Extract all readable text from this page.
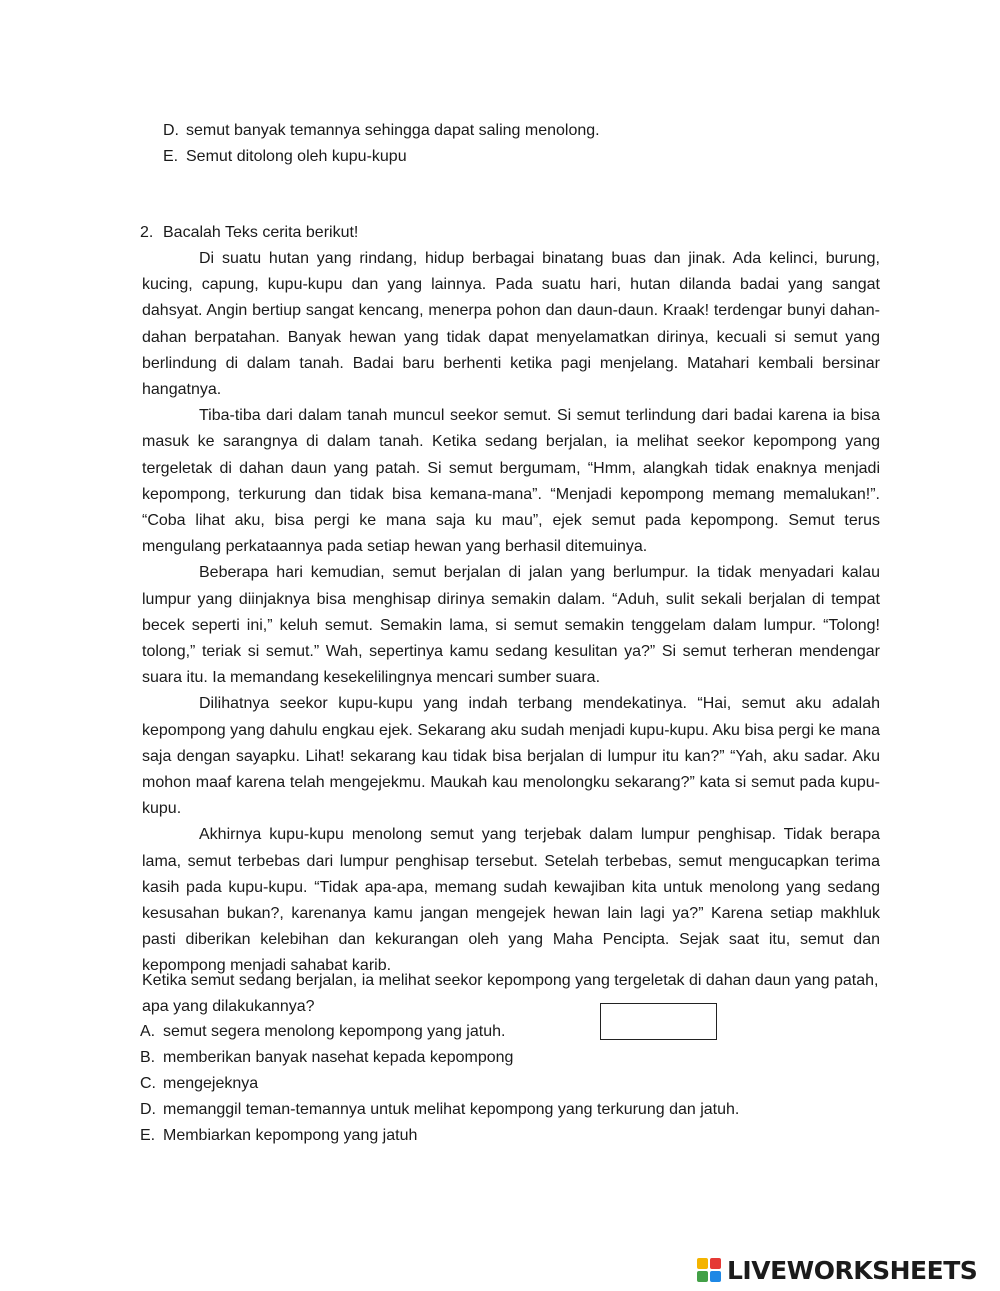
D. semut banyak temannya sehingga dapat saling menolong.
E. Semut ditolong oleh kupu-kupu
2. Bacalah Teks cerita berikut!

Di suatu hutan yang rindang, hidup berbagai binatang buas dan jinak. Ada kelinci, burung, kucing, capung, kupu-kupu dan yang lainnya. Pada suatu hari, hutan dilanda badai yang sangat dahsyat. Angin bertiup sangat kencang, menerpa pohon dan daun-daun. Kraak! terdengar bunyi dahan-dahan berpatahan. Banyak hewan yang tidak dapat menyelamatkan dirinya, kecuali si semut yang berlindung di dalam tanah. Badai baru berhenti ketika pagi menjelang. Matahari kembali bersinar hangatnya.

Tiba-tiba dari dalam tanah muncul seekor semut. Si semut terlindung dari badai karena ia bisa masuk ke sarangnya di dalam tanah. Ketika sedang berjalan, ia melihat seekor kepompong yang tergeletak di dahan daun yang patah. Si semut bergumam, “Hmm, alangkah tidak enaknya menjadi kepompong, terkurung dan tidak bisa kemana-mana”. “Menjadi kepompong memang memalukan!”. “Coba lihat aku, bisa pergi ke mana saja ku mau”, ejek semut pada kepompong. Semut terus mengulang perkataannya pada setiap hewan yang berhasil ditemuinya.

Beberapa hari kemudian, semut berjalan di jalan yang berlumpur. Ia tidak menyadari kalau lumpur yang diinjaknya bisa menghisap dirinya semakin dalam. “Aduh, sulit sekali berjalan di tempat becek seperti ini,” keluh semut. Semakin lama, si semut semakin tenggelam dalam lumpur. “Tolong! tolong,” teriak si semut.” Wah, sepertinya kamu sedang kesulitan ya?” Si semut terheran mendengar suara itu. Ia memandang kesekelilingnya mencari sumber suara.

Dilihatnya seekor kupu-kupu yang indah terbang mendekatinya. “Hai, semut aku adalah kepompong yang dahulu engkau ejek. Sekarang aku sudah menjadi kupu-kupu. Aku bisa pergi ke mana saja dengan sayapku. Lihat! sekarang kau tidak bisa berjalan di lumpur itu kan?” “Yah, aku sadar. Aku mohon maaf karena telah mengejekmu. Maukah kau menolongku sekarang?” kata si semut pada kupu-kupu.

Akhirnya kupu-kupu menolong semut yang terjebak dalam lumpur penghisap. Tidak berapa lama, semut terbebas dari lumpur penghisap tersebut. Setelah terbebas, semut mengucapkan terima kasih pada kupu-kupu. “Tidak apa-apa, memang sudah kewajiban kita untuk menolong yang sedang kesusahan bukan?, karenanya kamu jangan mengejek hewan lain lagi ya?” Karena setiap makhluk pasti diberikan kelebihan dan kekurangan oleh yang Maha Pencipta. Sejak saat itu, semut dan kepompong menjadi sahabat karib.

Ketika semut sedang berjalan, ia melihat seekor kepompong yang tergeletak di dahan daun yang patah, apa yang dilakukannya?
A. semut segera menolong kepompong yang jatuh.
B. memberikan banyak nasehat kepada kepompong
C. mengejeknya
D. memanggil teman-temannya untuk melihat kepompong yang terkurung dan jatuh.
E. Membiarkan kepompong yang jatuh
LIVEWORKSHEETS
